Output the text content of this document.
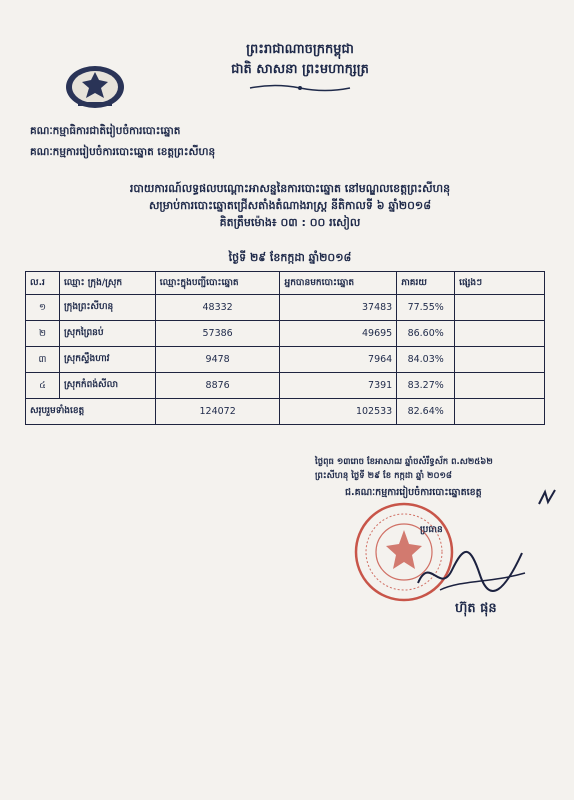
ព្រះរាជាណាចក្រកម្ពុជា
ជាតិ សាសនា ព្រះមហាក្សត្រ
គណៈកម្មាធិការជាតិរៀបចំការបោះឆ្នោត
គណៈកម្មការរៀបចំការបោះឆ្នោត ខេត្តព្រះសីហនុ
របាយការណ៍លទ្ធផលបណ្តោះអាសន្ននៃការបោះឆ្នោត នៅមណ្ឌលខេត្តព្រះសីហនុ
សម្រាប់ការបោះឆ្នោតជ្រើសតាំងតំណាងរាស្ត្រ នីតិកាលទី ៦ ឆ្នាំ២០១៨
គិតត្រឹមម៉ោង៖ ០៣ : ០០ រសៀល
ថ្ងៃទី ២៩ ខែកក្កដា ឆ្នាំ២០១៨
ល.រ	ឈ្មោះ ក្រុង/ស្រុក	ឈ្មោះក្នុងបញ្ជីបោះឆ្នោត	អ្នកបានមកបោះឆ្នោត	ភាគរយ	ផ្សេងៗ
១	ក្រុងព្រះសីហនុ	48332	37483	77.55%	
២	ស្រុកព្រៃនប់	57386	49695	86.60%	
៣	ស្រុកស្ទឹងហាវ	9478	7964	84.03%	
៤	ស្រុកកំពង់សីលា	8876	7391	83.27%	
សរុបរួមទាំងខេត្ត		124072	102533	82.64%	
ថ្ងៃពុធ ១៣រោច ខែអាសាឍ ឆ្នាំចសំរឹទ្ធស័ក ព.ស២៥៦២
ព្រះសីហនុ ថ្ងៃទី ២៩ ខែ កក្កដា ឆ្នាំ ២០១៨
ជ.គណៈកម្មការរៀបចំការបោះឆ្នោតខេត្ត
ប្រធាន
ហ៊ុត ផុន
